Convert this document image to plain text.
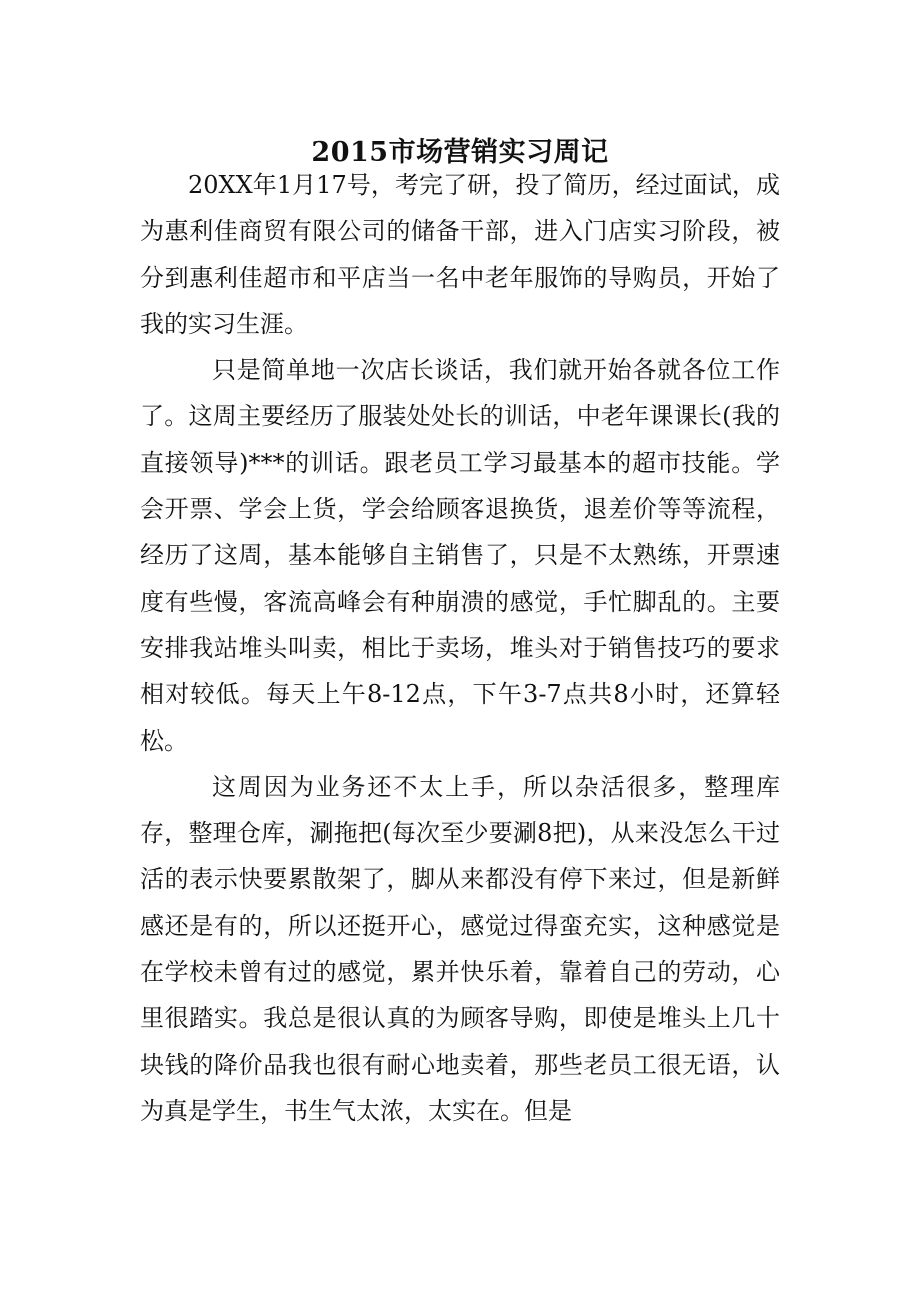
2015市场营销实习周记

20XX年1月17号，考完了研，投了简历，经过面试，成为惠利佳商贸有限公司的储备干部，进入门店实习阶段，被分到惠利佳超市和平店当一名中老年服饰的导购员，开始了我的实习生涯。

只是简单地一次店长谈话，我们就开始各就各位工作了。这周主要经历了服装处处长的训话，中老年课课长(我的直接领导)***的训话。跟老员工学习最基本的超市技能。学会开票、学会上货，学会给顾客退换货，退差价等等流程，经历了这周，基本能够自主销售了，只是不太熟练，开票速度有些慢，客流高峰会有种崩溃的感觉，手忙脚乱的。主要安排我站堆头叫卖，相比于卖场，堆头对于销售技巧的要求相对较低。每天上午8-12点，下午3-7点共8小时，还算轻松。

这周因为业务还不太上手，所以杂活很多，整理库存，整理仓库，涮拖把(每次至少要涮8把)，从来没怎么干过活的表示快要累散架了，脚从来都没有停下来过，但是新鲜感还是有的，所以还挺开心，感觉过得蛮充实，这种感觉是在学校未曾有过的感觉，累并快乐着，靠着自己的劳动，心里很踏实。我总是很认真的为顾客导购，即使是堆头上几十块钱的降价品我也很有耐心地卖着，那些老员工很无语，认为真是学生，书生气太浓，太实在。但是
